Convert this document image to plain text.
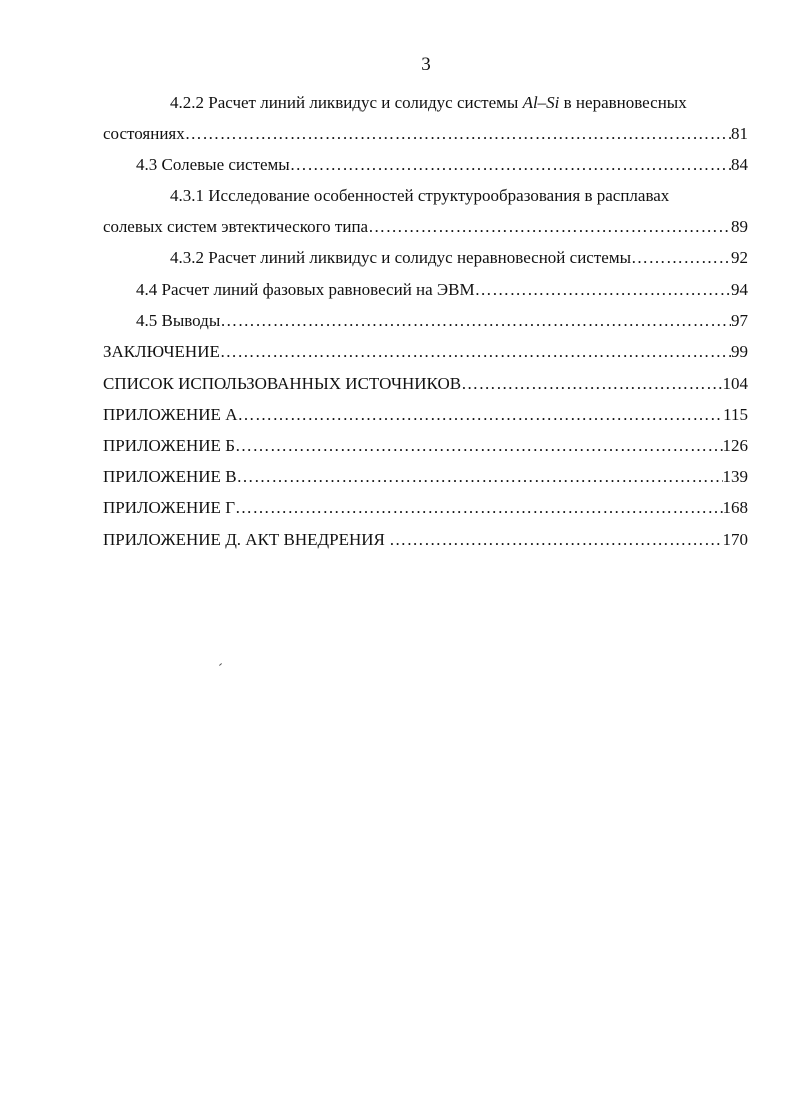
3
4.2.2 Расчет линий ликвидус и солидус системы Al–Si в неравновесных
состояниях …………………………………………………………………………………………………………………………………………………………………………	81
4.3 Солевые системы …………………………………………………………………………………………………………………………………………………………………………	84
4.3.1 Исследование особенностей структурообразования в расплавах
солевых систем эвтектического типа …………………………………………………………………………………………………………………………………………………………………………	89
4.3.2 Расчет линий ликвидус и солидус неравновесной системы …………………………………………………………………………………………………………………………………………………………………………	92
4.4 Расчет линий фазовых равновесий на ЭВМ …………………………………………………………………………………………………………………………………………………………………………	94
4.5 Выводы …………………………………………………………………………………………………………………………………………………………………………	97
ЗАКЛЮЧЕНИЕ …………………………………………………………………………………………………………………………………………………………………………	99
СПИСОК ИСПОЛЬЗОВАННЫХ ИСТОЧНИКОВ …………………………………………………………………………………………………………………………………………………………………………	104
ПРИЛОЖЕНИЕ А …………………………………………………………………………………………………………………………………………………………………………	115
ПРИЛОЖЕНИЕ Б …………………………………………………………………………………………………………………………………………………………………………	126
ПРИЛОЖЕНИЕ В …………………………………………………………………………………………………………………………………………………………………………	139
ПРИЛОЖЕНИЕ Г …………………………………………………………………………………………………………………………………………………………………………	168
ПРИЛОЖЕНИЕ Д. АКТ ВНЕДРЕНИЯ …………………………………………………………………………………………………………………………………………………………………………	170
